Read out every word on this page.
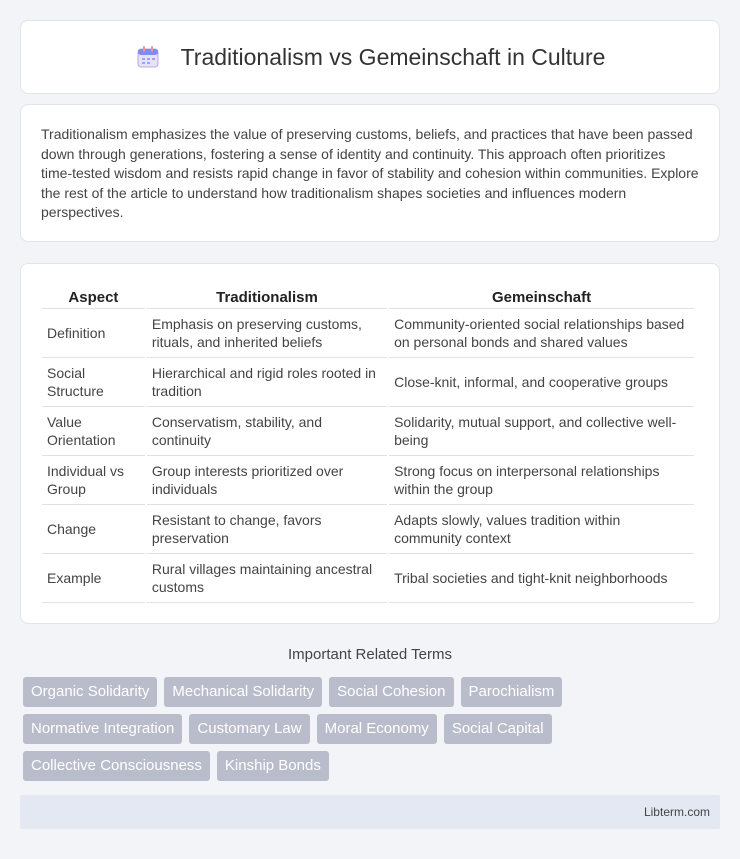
Traditionalism vs Gemeinschaft in Culture

Traditionalism emphasizes the value of preserving customs, beliefs, and practices that have been passed down through generations, fostering a sense of identity and continuity. This approach often prioritizes time-tested wisdom and resists rapid change in favor of stability and cohesion within communities. Explore the rest of the article to understand how traditionalism shapes societies and influences modern perspectives.

Aspect	Traditionalism	Gemeinschaft
Definition	Emphasis on preserving customs, rituals, and inherited beliefs	Community-oriented social relationships based on personal bonds and shared values
Social Structure	Hierarchical and rigid roles rooted in tradition	Close-knit, informal, and cooperative groups
Value Orientation	Conservatism, stability, and continuity	Solidarity, mutual support, and collective well-being
Individual vs Group	Group interests prioritized over individuals	Strong focus on interpersonal relationships within the group
Change	Resistant to change, favors preservation	Adapts slowly, values tradition within community context
Example	Rural villages maintaining ancestral customs	Tribal societies and tight-knit neighborhoods
Important Related Terms
Organic Solidarity	Mechanical Solidarity	Social Cohesion	Parochialism
Normative Integration	Customary Law	Moral Economy	Social Capital
Collective Consciousness	Kinship Bonds
Libterm.com
